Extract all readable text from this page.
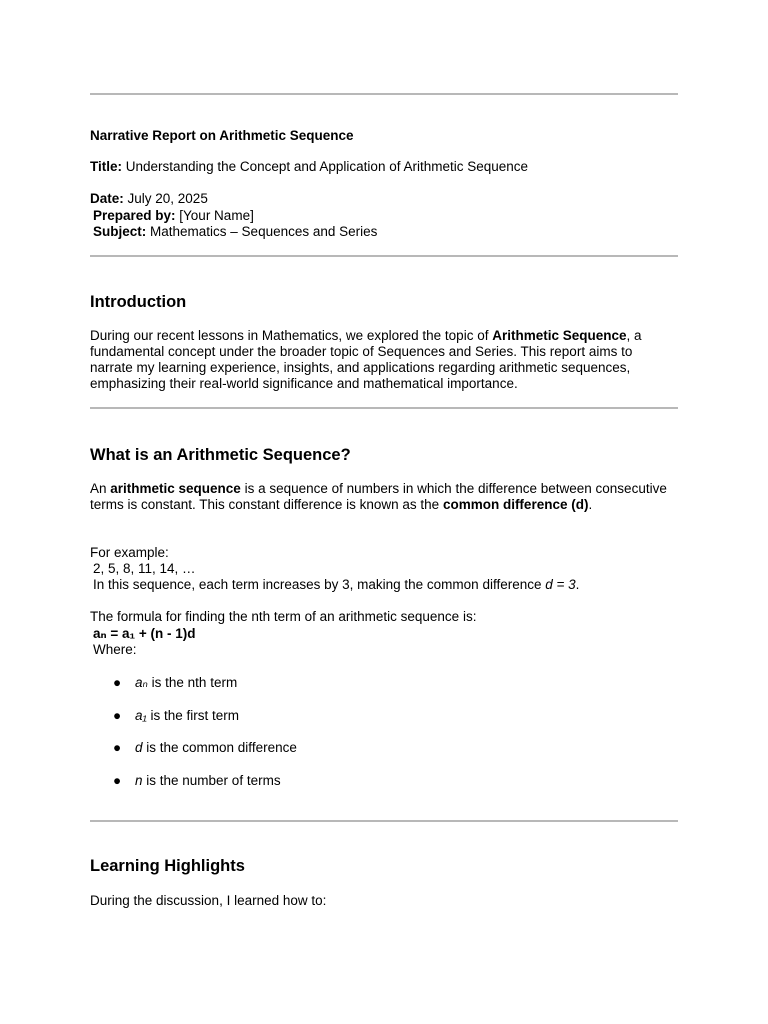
Narrative Report on Arithmetic Sequence
Title: Understanding the Concept and Application of Arithmetic Sequence
Date: July 20, 2025
Prepared by: [Your Name]
Subject: Mathematics – Sequences and Series
Introduction

During our recent lessons in Mathematics, we explored the topic of Arithmetic Sequence, a fundamental concept under the broader topic of Sequences and Series. This report aims to narrate my learning experience, insights, and applications regarding arithmetic sequences, emphasizing their real-world significance and mathematical importance.

What is an Arithmetic Sequence?

An arithmetic sequence is a sequence of numbers in which the difference between consecutive terms is constant. This constant difference is known as the common difference (d).

For example:
2, 5, 8, 11, 14, …
In this sequence, each term increases by 3, making the common difference d = 3.
The formula for finding the nth term of an arithmetic sequence is:
aₙ = a₁ + (n - 1)d
Where:
● aₙ is the nth term
● a₁ is the first term
● d is the common difference
● n is the number of terms
Learning Highlights
During the discussion, I learned how to:
